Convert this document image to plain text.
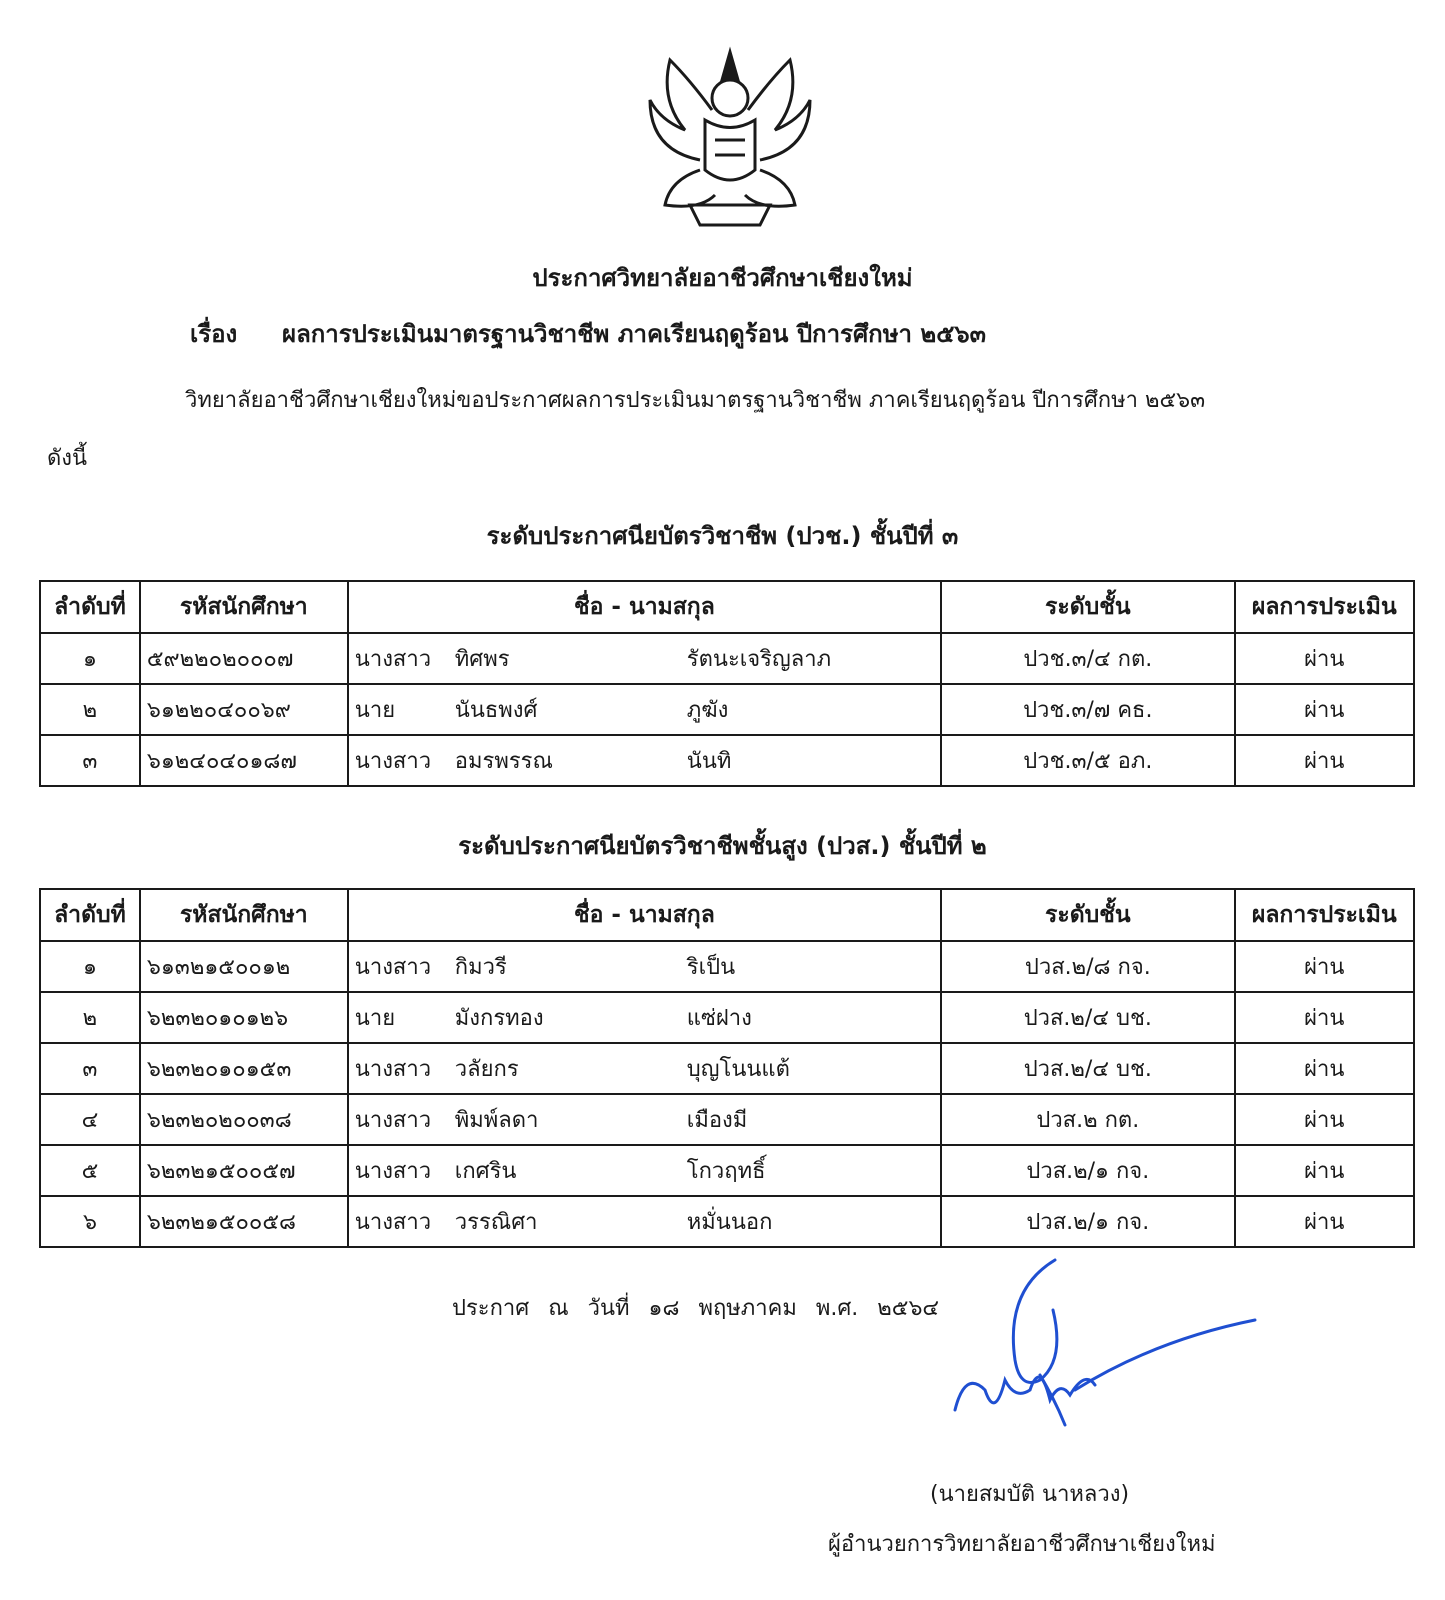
ประกาศวิทยาลัยอาชีวศึกษาเชียงใหม่
เรื่อง ผลการประเมินมาตรฐานวิชาชีพ ภาคเรียนฤดูร้อน ปีการศึกษา ๒๕๖๓
วิทยาลัยอาชีวศึกษาเชียงใหม่ขอประกาศผลการประเมินมาตรฐานวิชาชีพ ภาคเรียนฤดูร้อน ปีการศึกษา ๒๕๖๓
ดังนี้
ระดับประกาศนียบัตรวิชาชีพ (ปวช.) ชั้นปีที่ ๓
ลำดับที่	รหัสนักศึกษา	ชื่อ - นามสกุล	ระดับชั้น	ผลการประเมิน
๑	๕๙๒๒๐๒๐๐๐๗	นางสาว ทิศพร รัตนะเจริญลาภ	ปวช.๓/๔ กต.	ผ่าน
๒	๖๑๒๒๐๔๐๐๖๙	นาย นันธพงศ์ ภูฆัง	ปวช.๓/๗ คธ.	ผ่าน
๓	๖๑๒๔๐๔๐๑๘๗	นางสาว อมรพรรณ นันทิ	ปวช.๓/๕ อภ.	ผ่าน
ระดับประกาศนียบัตรวิชาชีพชั้นสูง (ปวส.) ชั้นปีที่ ๒
ลำดับที่	รหัสนักศึกษา	ชื่อ - นามสกุล	ระดับชั้น	ผลการประเมิน
๑	๖๑๓๒๑๕๐๐๑๒	นางสาว กิมวรี ริเป็น	ปวส.๒/๘ กจ.	ผ่าน
๒	๖๒๓๒๐๑๐๑๒๖	นาย มังกรทอง แซ่ฝาง	ปวส.๒/๔ บช.	ผ่าน
๓	๖๒๓๒๐๑๐๑๕๓	นางสาว วลัยกร บุญโนนแต้	ปวส.๒/๔ บช.	ผ่าน
๔	๖๒๓๒๐๒๐๐๓๘	นางสาว พิมพ์ลดา เมืองมี	ปวส.๒ กต.	ผ่าน
๕	๖๒๓๒๑๕๐๐๕๗	นางสาว เกศริน โกวฤทธิ์	ปวส.๒/๑ กจ.	ผ่าน
๖	๖๒๓๒๑๕๐๐๕๘	นางสาว วรรณิศา หมั่นนอก	ปวส.๒/๑ กจ.	ผ่าน
ประกาศ ณ วันที่ ๑๘ พฤษภาคม พ.ศ. ๒๕๖๔
(นายสมบัติ นาหลวง)
ผู้อำนวยการวิทยาลัยอาชีวศึกษาเชียงใหม่
